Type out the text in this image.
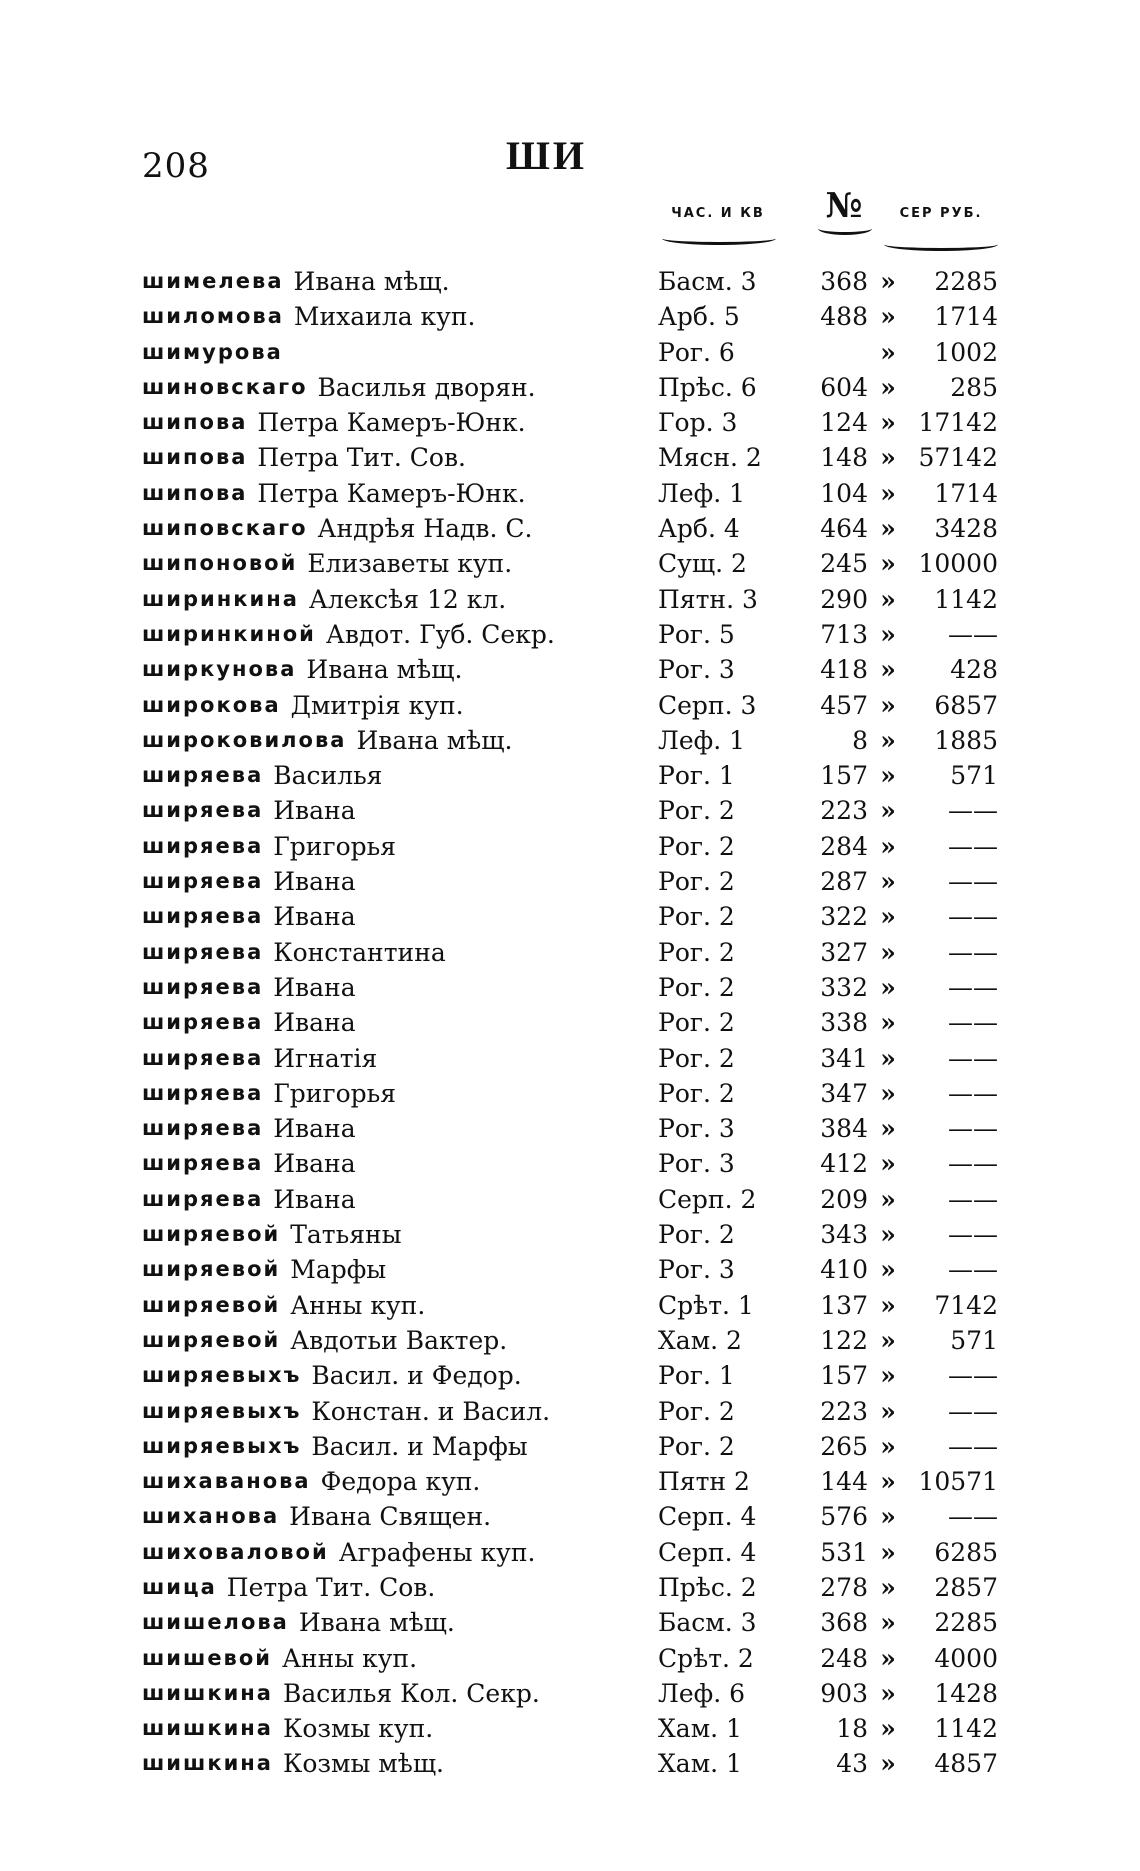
208	ШИ
ЧАС. И КВ	№	СЕР РУБ.
шимелева Ивана мѣщ.	Басм. 3	368 »	2285
шиломова Михаила куп.	Арб. 5	488 »	1714
шимурова	Рог. 6	»	1002
шиновскаго Василья дворян.	Прѣс. 6	604 »	285
шипова Петра Камеръ-Юнк.	Гор. 3	124 » 17142
шипова Петра Тит. Сов.	Мясн. 2	148 » 57142
шипова Петра Камеръ-Юнк.	Леф. 1	104 »	1714
шиповскаго Андрѣя Надв. С.	Арб. 4	464 »	3428
шипоновой Елизаветы куп.	Сущ. 2	245 » 10000
ширинкина Алексѣя 12 кл.	Пятн. 3	290 »	1142
ширинкиной Авдот. Губ. Секр.	Рог. 5	713 »	——
ширкунова Ивана мѣщ.	Рог. 3	418 »	428
широкова Дмитрія куп.	Серп. 3	457 »	6857
широковилова Ивана мѣщ.	Леф. 1	8 »	1885
ширяева Василья	Рог. 1	157 »	571
ширяева Ивана	Рог. 2	223 »	——
ширяева Григорья	Рог. 2	284 »	——
ширяева Ивана	Рог. 2	287 »	——
ширяева Ивана	Рог. 2	322 »	——
ширяева Константина	Рог. 2	327 »	——
ширяева Ивана	Рог. 2	332 »	——
ширяева Ивана	Рог. 2	338 »	——
ширяева Игнатія	Рог. 2	341 »	——
ширяева Григорья	Рог. 2	347 »	——
ширяева Ивана	Рог. 3	384 »	——
ширяева Ивана	Рог. 3	412 »	——
ширяева Ивана	Серп. 2	209 »	——
ширяевой Татьяны	Рог. 2	343 »	——
ширяевой Марфы	Рог. 3	410 »	——
ширяевой Анны куп.	Срѣт. 1	137 »	7142
ширяевой Авдотьи Вактер.	Хам. 2	122 »	571
ширяевыхъ Васил. и Федор.	Рог. 1	157 »	——
ширяевыхъ Констан. и Васил.	Рог. 2	223 »	——
ширяевыхъ Васил. и Марфы	Рог. 2	265 »	——
шихаванова Федора куп.	Пятн 2	144 » 10571
шиханова Ивана Священ.	Серп. 4	576 »	——
шиховаловой Аграфены куп.	Серп. 4	531 »	6285
шица Петра Тит. Сов.	Прѣс. 2	278 »	2857
шишелова Ивана мѣщ.	Басм. 3	368 »	2285
шишевой Анны куп.	Срѣт. 2	248 »	4000
шишкина Василья Кол. Секр.	Леф. 6	903 »	1428
шишкина Козмы куп.	Хам. 1	18 »	1142
шишкина Козмы мѣщ.	Хам. 1	43 »	4857
